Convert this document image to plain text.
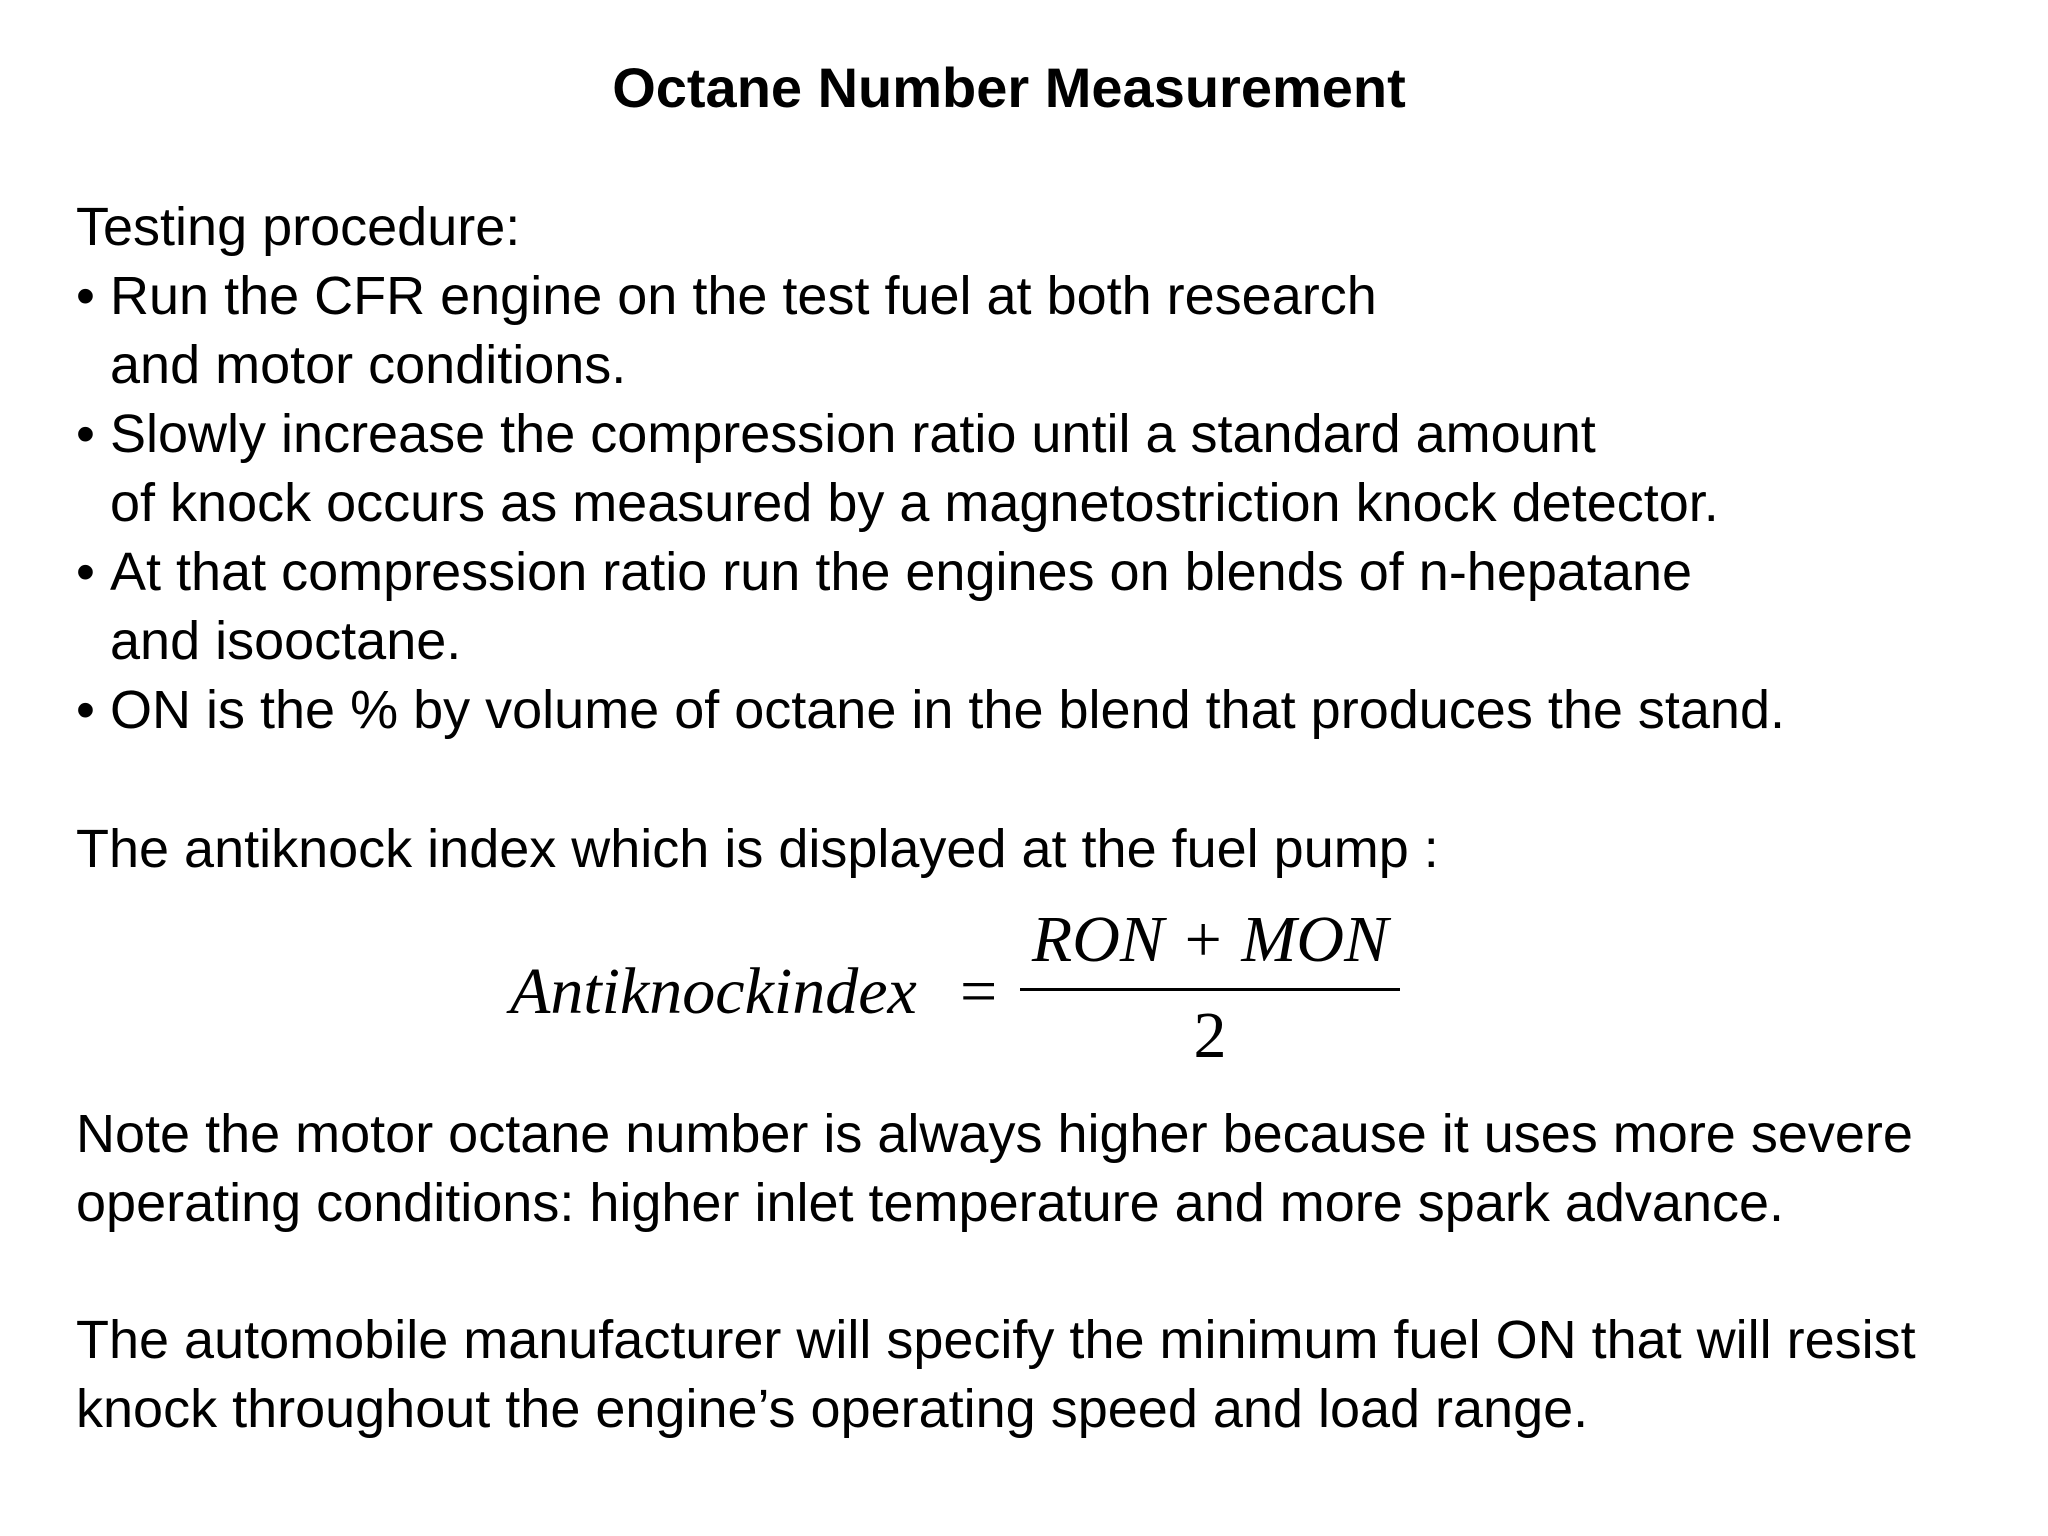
Octane Number Measurement

Testing procedure:

• Run the CFR engine on the test fuel at both research
and motor conditions.
• Slowly increase the compression ratio until a standard amount
of knock occurs as measured by a magnetostriction knock detector.
• At that compression ratio run the engines on blends of n-hepatane
and isooctane.
• ON is the % by volume of octane in the blend that produces the stand.

The antiknock index which is displayed at the fuel pump :

Antiknockindex =
RON + MON
2

Note the motor octane number is always higher because it uses more severe
operating conditions: higher inlet temperature and more spark advance.

The automobile manufacturer will specify the minimum fuel ON that will resist
knock throughout the engine’s operating speed and load range.
